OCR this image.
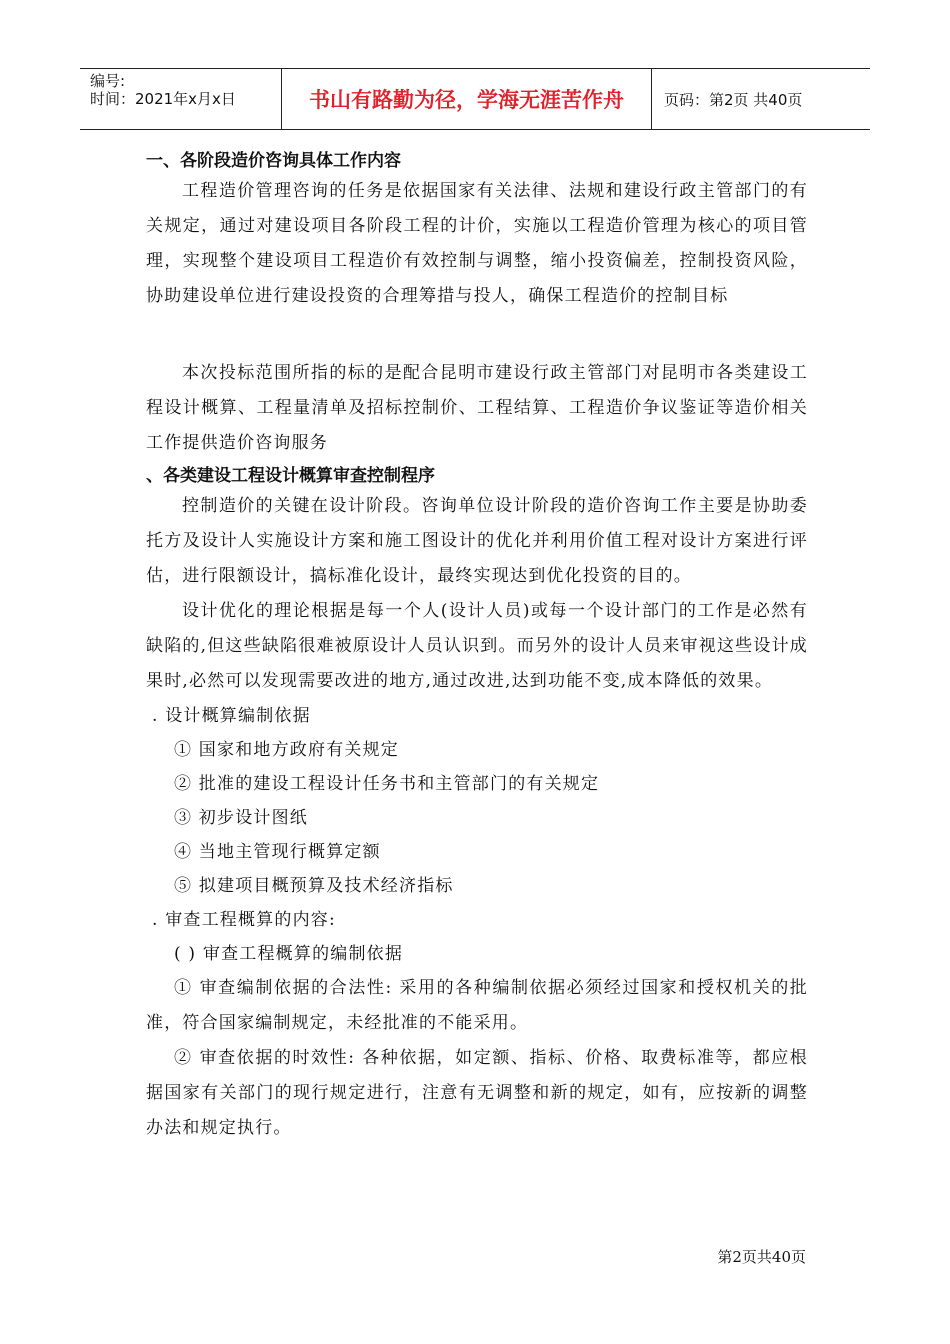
编号:
时间：2021年x月x日	书山有路勤为径，学海无涯苦作舟	页码：第2页 共40页

一、各阶段造价咨询具体工作内容

工程造价管理咨询的任务是依据国家有关法律、法规和建设行政主管部门的有关规定，通过对建设项目各阶段工程的计价，实施以工程造价管理为核心的项目管理，实现整个建设项目工程造价有效控制与调整，缩小投资偏差，控制投资风险，协助建设单位进行建设投资的合理筹措与投人，确保工程造价的控制目标

本次投标范围所指的标的是配合昆明市建设行政主管部门对昆明市各类建设工程设计概算、工程量清单及招标控制价、工程结算、工程造价争议鉴证等造价相关工作提供造价咨询服务

、各类建设工程设计概算审查控制程序

控制造价的关键在设计阶段。咨询单位设计阶段的造价咨询工作主要是协助委托方及设计人实施设计方案和施工图设计的优化并利用价值工程对设计方案进行评估，进行限额设计，搞标准化设计，最终实现达到优化投资的目的。

设计优化的理论根据是每一个人(设计人员)或每一个设计部门的工作是必然有缺陷的,但这些缺陷很难被原设计人员认识到。而另外的设计人员来审视这些设计成果时,必然可以发现需要改进的地方,通过改进,达到功能不变,成本降低的效果。

. 设计概算编制依据

① 国家和地方政府有关规定

② 批准的建设工程设计任务书和主管部门的有关规定

③ 初步设计图纸

④ 当地主管现行概算定额

⑤ 拟建项目概预算及技术经济指标

. 审查工程概算的内容:

( ) 审查工程概算的编制依据

① 审查编制依据的合法性: 采用的各种编制依据必须经过国家和授权机关的批准，符合国家编制规定，未经批准的不能采用。

② 审查依据的时效性: 各种依据，如定额、指标、价格、取费标准等，都应根据国家有关部门的现行规定进行，注意有无调整和新的规定，如有，应按新的调整办法和规定执行。

第2页共40页
